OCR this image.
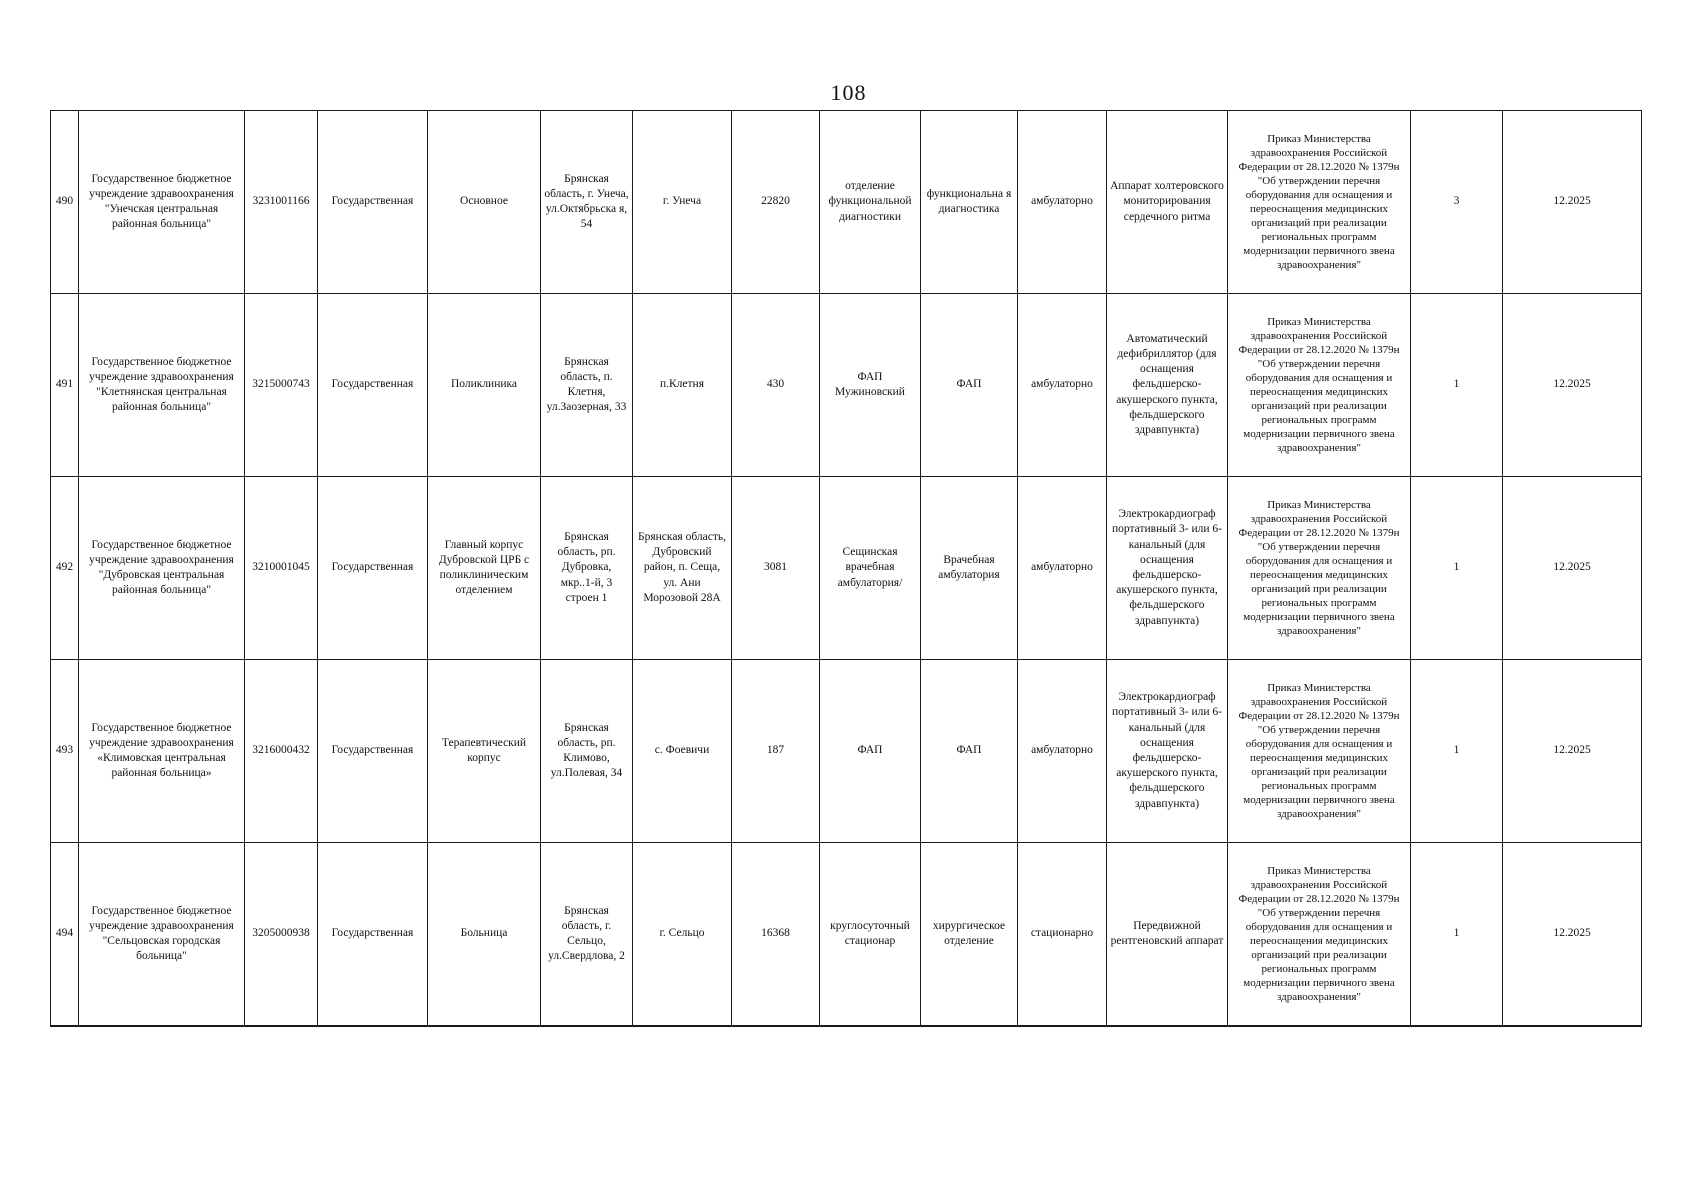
108
490	Государственное бюджетное учреждение здравоохранения "Унечская центральная районная больница"	3231001166	Государственная	Основное	Брянская область, г. Унеча, ул.Октябрьска я, 54	г. Унеча	22820	отделение функциональной диагностики	функциональна я диагностика	амбулаторно	Аппарат холтеровского мониторирования сердечного ритма	Приказ Министерства здравоохранения Российской Федерации от 28.12.2020 № 1379н "Об утверждении перечня оборудования для оснащения и переоснащения медицинских организаций при реализации региональных программ модернизации первичного звена здравоохранения"	3	12.2025
491	Государственное бюджетное учреждение здравоохранения "Клетнянская центральная районная больница"	3215000743	Государственная	Поликлиника	Брянская область, п. Клетня, ул.Заозерная, 33	п.Клетня	430	ФАП Мужиновский	ФАП	амбулаторно	Автоматический дефибриллятор (для оснащения фельдшерско-акушерского пункта, фельдшерского здравпункта)	Приказ Министерства здравоохранения Российской Федерации от 28.12.2020 № 1379н "Об утверждении перечня оборудования для оснащения и переоснащения медицинских организаций при реализации региональных программ модернизации первичного звена здравоохранения"	1	12.2025
492	Государственное бюджетное учреждение здравоохранения "Дубровская центральная районная больница"	3210001045	Государственная	Главный корпус Дубровской ЦРБ с поликлиническим отделением	Брянская область, рп. Дубровка, мкр..1-й, 3 строен 1	Брянская область, Дубровский район, п. Сеща, ул. Ани Морозовой 28А	3081	Сещинская врачебная амбулатория/	Врачебная амбулатория	амбулаторно	Электрокардиограф портативный 3- или 6-канальный (для оснащения фельдшерско-акушерского пункта, фельдшерского здравпункта)	Приказ Министерства здравоохранения Российской Федерации от 28.12.2020 № 1379н "Об утверждении перечня оборудования для оснащения и переоснащения медицинских организаций при реализации региональных программ модернизации первичного звена здравоохранения"	1	12.2025
493	Государственное бюджетное учреждение здравоохранения «Климовская центральная районная больница»	3216000432	Государственная	Терапевтический корпус	Брянская область, рп. Климово, ул.Полевая, 34	с. Фоевичи	187	ФАП	ФАП	амбулаторно	Электрокардиограф портативный 3- или 6-канальный (для оснащения фельдшерско-акушерского пункта, фельдшерского здравпункта)	Приказ Министерства здравоохранения Российской Федерации от 28.12.2020 № 1379н "Об утверждении перечня оборудования для оснащения и переоснащения медицинских организаций при реализации региональных программ модернизации первичного звена здравоохранения"	1	12.2025
494	Государственное бюджетное учреждение здравоохранения "Сельцовская городская больница"	3205000938	Государственная	Больница	Брянская область, г. Сельцо, ул.Свердлова, 2	г. Сельцо	16368	круглосуточный стационар	хирургическое отделение	стационарно	Передвижной рентгеновский аппарат	Приказ Министерства здравоохранения Российской Федерации от 28.12.2020 № 1379н "Об утверждении перечня оборудования для оснащения и переоснащения медицинских организаций при реализации региональных программ модернизации первичного звена здравоохранения"	1	12.2025
